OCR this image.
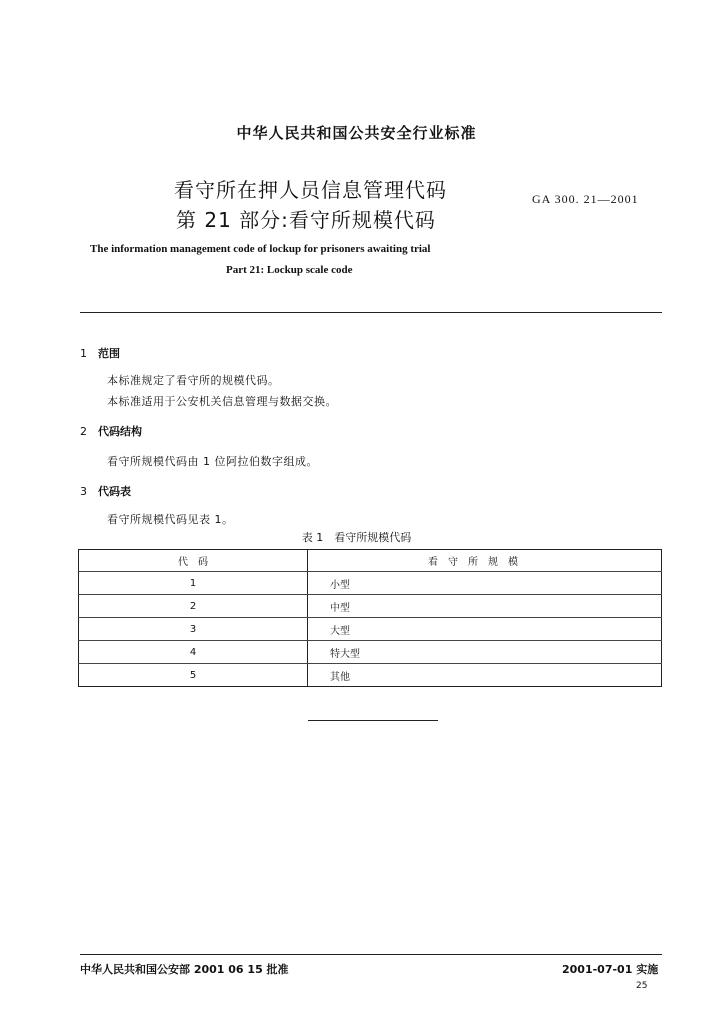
中华人民共和国公共安全行业标准
看守所在押人员信息管理代码
第 21 部分:看守所规模代码
GA 300. 21—2001
The information management code of lockup for prisoners awaiting trial
Part 21: Lockup scale code
1 范围
本标准规定了看守所的规模代码。
本标准适用于公安机关信息管理与数据交换。
2 代码结构
看守所规模代码由 1 位阿拉伯数字组成。
3 代码表
看守所规模代码见表 1。
表 1　看守所规模代码
代　码	看守所规模
1	小型
2	中型
3	大型
4	特大型
5	其他
中华人民共和国公安部 2001 06 15 批准	2001-07-01 实施
25
